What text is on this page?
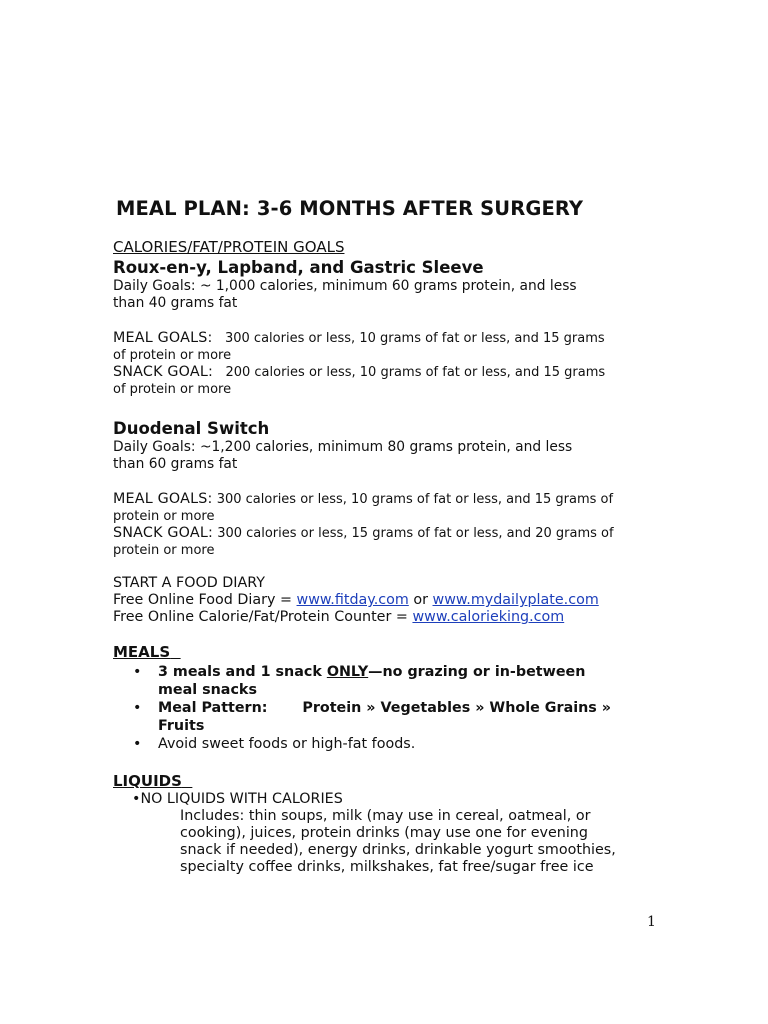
MEAL PLAN: 3-6 MONTHS AFTER SURGERY
CALORIES/FAT/PROTEIN GOALS
Roux-en-y, Lapband, and Gastric Sleeve
Daily Goals: ~ 1,000 calories, minimum 60 grams protein, and less
than 40 grams fat
MEAL GOALS: 300 calories or less, 10 grams of fat or less, and 15 grams
of protein or more
SNACK GOAL: 200 calories or less, 10 grams of fat or less, and 15 grams
of protein or more
Duodenal Switch
Daily Goals: ~1,200 calories, minimum 80 grams protein, and less
than 60 grams fat
MEAL GOALS: 300 calories or less, 10 grams of fat or less, and 15 grams of
protein or more
SNACK GOAL: 300 calories or less, 15 grams of fat or less, and 20 grams of
protein or more
START A FOOD DIARY
Free Online Food Diary = www.fitday.com or www.mydailyplate.com
Free Online Calorie/Fat/Protein Counter = www.calorieking.com
MEALS
• 3 meals and 1 snack ONLY—no grazing or in-between
meal snacks
• Meal Pattern: Protein » Vegetables » Whole Grains »
Fruits
• Avoid sweet foods or high-fat foods.
LIQUIDS
•NO LIQUIDS WITH CALORIES
Includes: thin soups, milk (may use in cereal, oatmeal, or
cooking), juices, protein drinks (may use one for evening
snack if needed), energy drinks, drinkable yogurt smoothies,
specialty coffee drinks, milkshakes, fat free/sugar free ice
1
